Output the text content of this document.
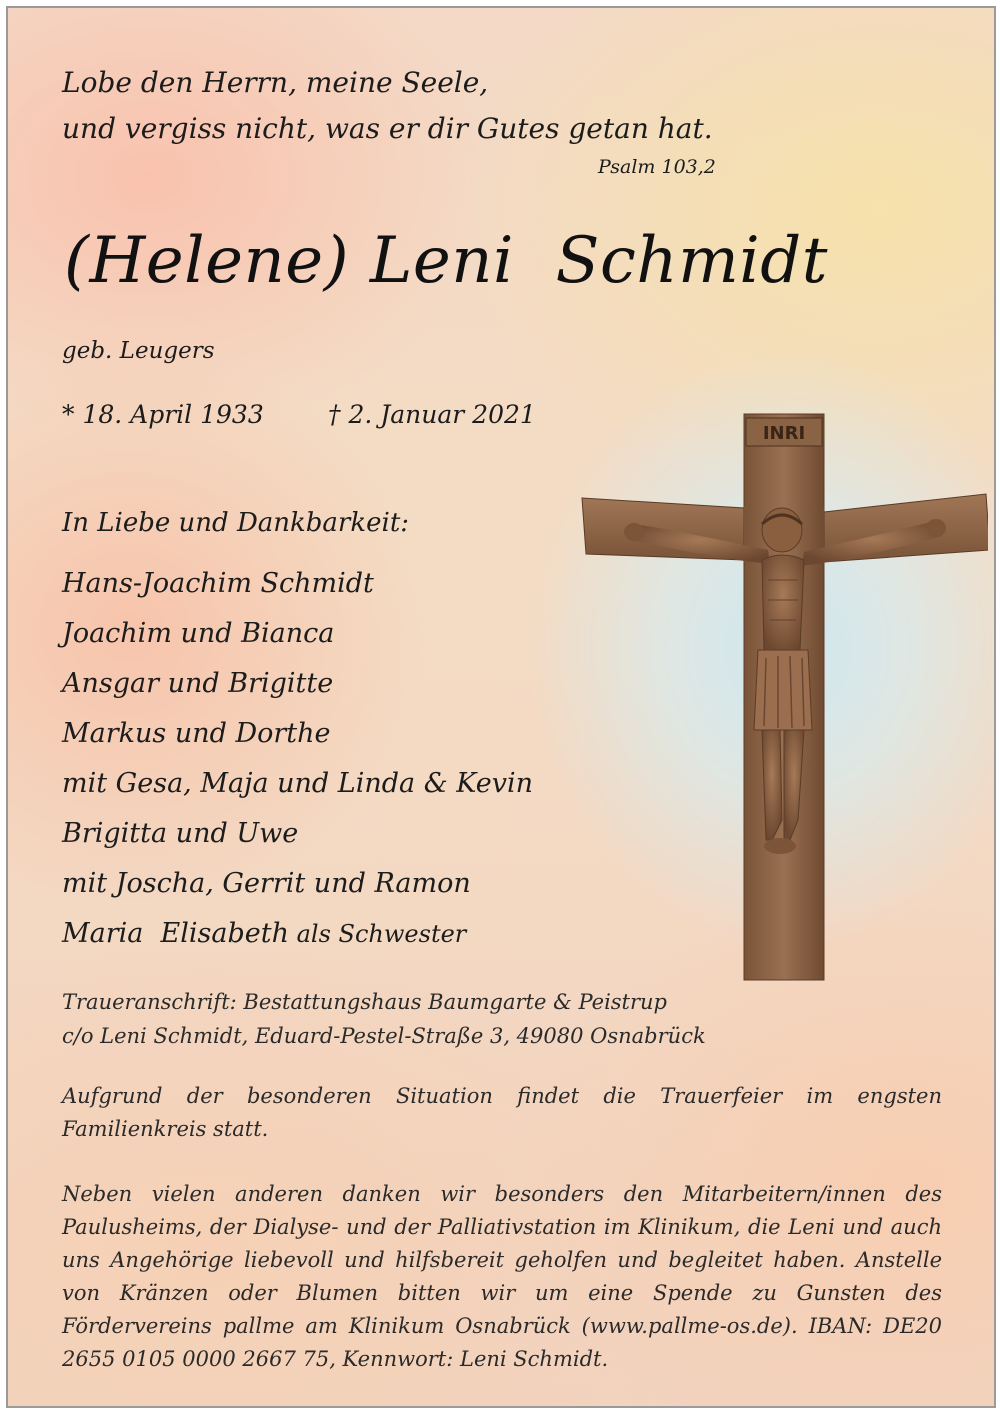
Lobe den Herrn, meine Seele,
und vergiss nicht, was er dir Gutes getan hat.
Psalm 103,2
(Helene) Leni  Schmidt
geb. Leugers
* 18. April 1933	† 2. Januar 2021
In Liebe und Dankbarkeit:
Hans-Joachim Schmidt
Joachim und Bianca
Ansgar und Brigitte
Markus und Dorthe
mit Gesa, Maja und Linda & Kevin
Brigitta und Uwe
mit Joscha, Gerrit und Ramon
Maria  Elisabeth als Schwester
Traueranschrift: Bestattungshaus Baumgarte & Peistrup
c/o Leni Schmidt, Eduard-Pestel-Straße 3, 49080 Osnabrück

Aufgrund der besonderen Situation findet die Trauerfeier im engsten Familienkreis statt.

Neben vielen anderen danken wir besonders den Mitarbeitern/innen des Paulusheims, der Dialyse- und der Palliativstation im Klinikum, die Leni und auch uns Angehörige liebevoll und hilfsbereit geholfen und begleitet haben. Anstelle von Kränzen oder Blumen bitten wir um eine Spende zu Gunsten des Fördervereins pallme am Klinikum Osnabrück (www.pallme-os.de). IBAN: DE20 2655 0105 0000 2667 75, Kennwort: Leni Schmidt.

INRI
